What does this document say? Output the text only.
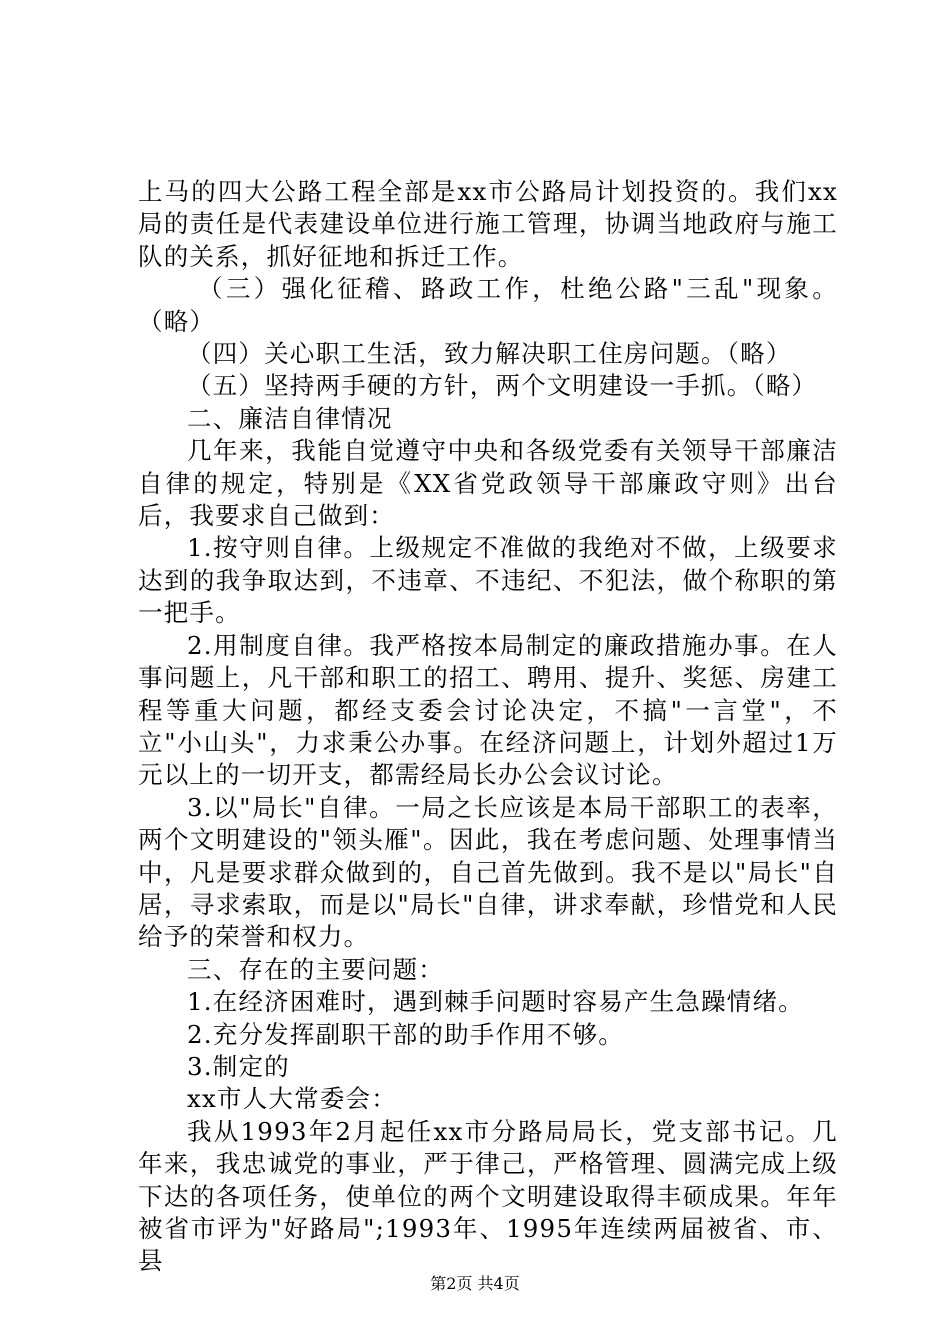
上马的四大公路工程全部是xx市公路局计划投资的。我们xx局的责任是代表建设单位进行施工管理，协调当地政府与施工队的关系，抓好征地和拆迁工作。

（三）强化征稽、路政工作，杜绝公路"三乱"现象。（略）

（四）关心职工生活，致力解决职工住房问题。（略）

（五）坚持两手硬的方针，两个文明建设一手抓。（略）

二、廉洁自律情况

几年来，我能自觉遵守中央和各级党委有关领导干部廉洁自律的规定，特别是《XX省党政领导干部廉政守则》出台后，我要求自己做到：

1.按守则自律。上级规定不准做的我绝对不做，上级要求达到的我争取达到，不违章、不违纪、不犯法，做个称职的第一把手。

2.用制度自律。我严格按本局制定的廉政措施办事。在人事问题上，凡干部和职工的招工、聘用、提升、奖惩、房建工程等重大问题，都经支委会讨论决定，不搞"一言堂"，不立"小山头"，力求秉公办事。在经济问题上，计划外超过1万元以上的一切开支，都需经局长办公会议讨论。

3.以"局长"自律。一局之长应该是本局干部职工的表率，两个文明建设的"领头雁"。因此，我在考虑问题、处理事情当中，凡是要求群众做到的，自己首先做到。我不是以"局长"自居，寻求索取，而是以"局长"自律，讲求奉献，珍惜党和人民给予的荣誉和权力。

三、存在的主要问题：

1.在经济困难时，遇到棘手问题时容易产生急躁情绪。

2.充分发挥副职干部的助手作用不够。

3.制定的

xx市人大常委会：

我从1993年2月起任xx市分路局局长，党支部书记。几年来，我忠诚党的事业，严于律己，严格管理、圆满完成上级下达的各项任务，使单位的两个文明建设取得丰硕成果。年年被省市评为"好路局";1993年、1995年连续两届被省、市、县

第2页 共4页
